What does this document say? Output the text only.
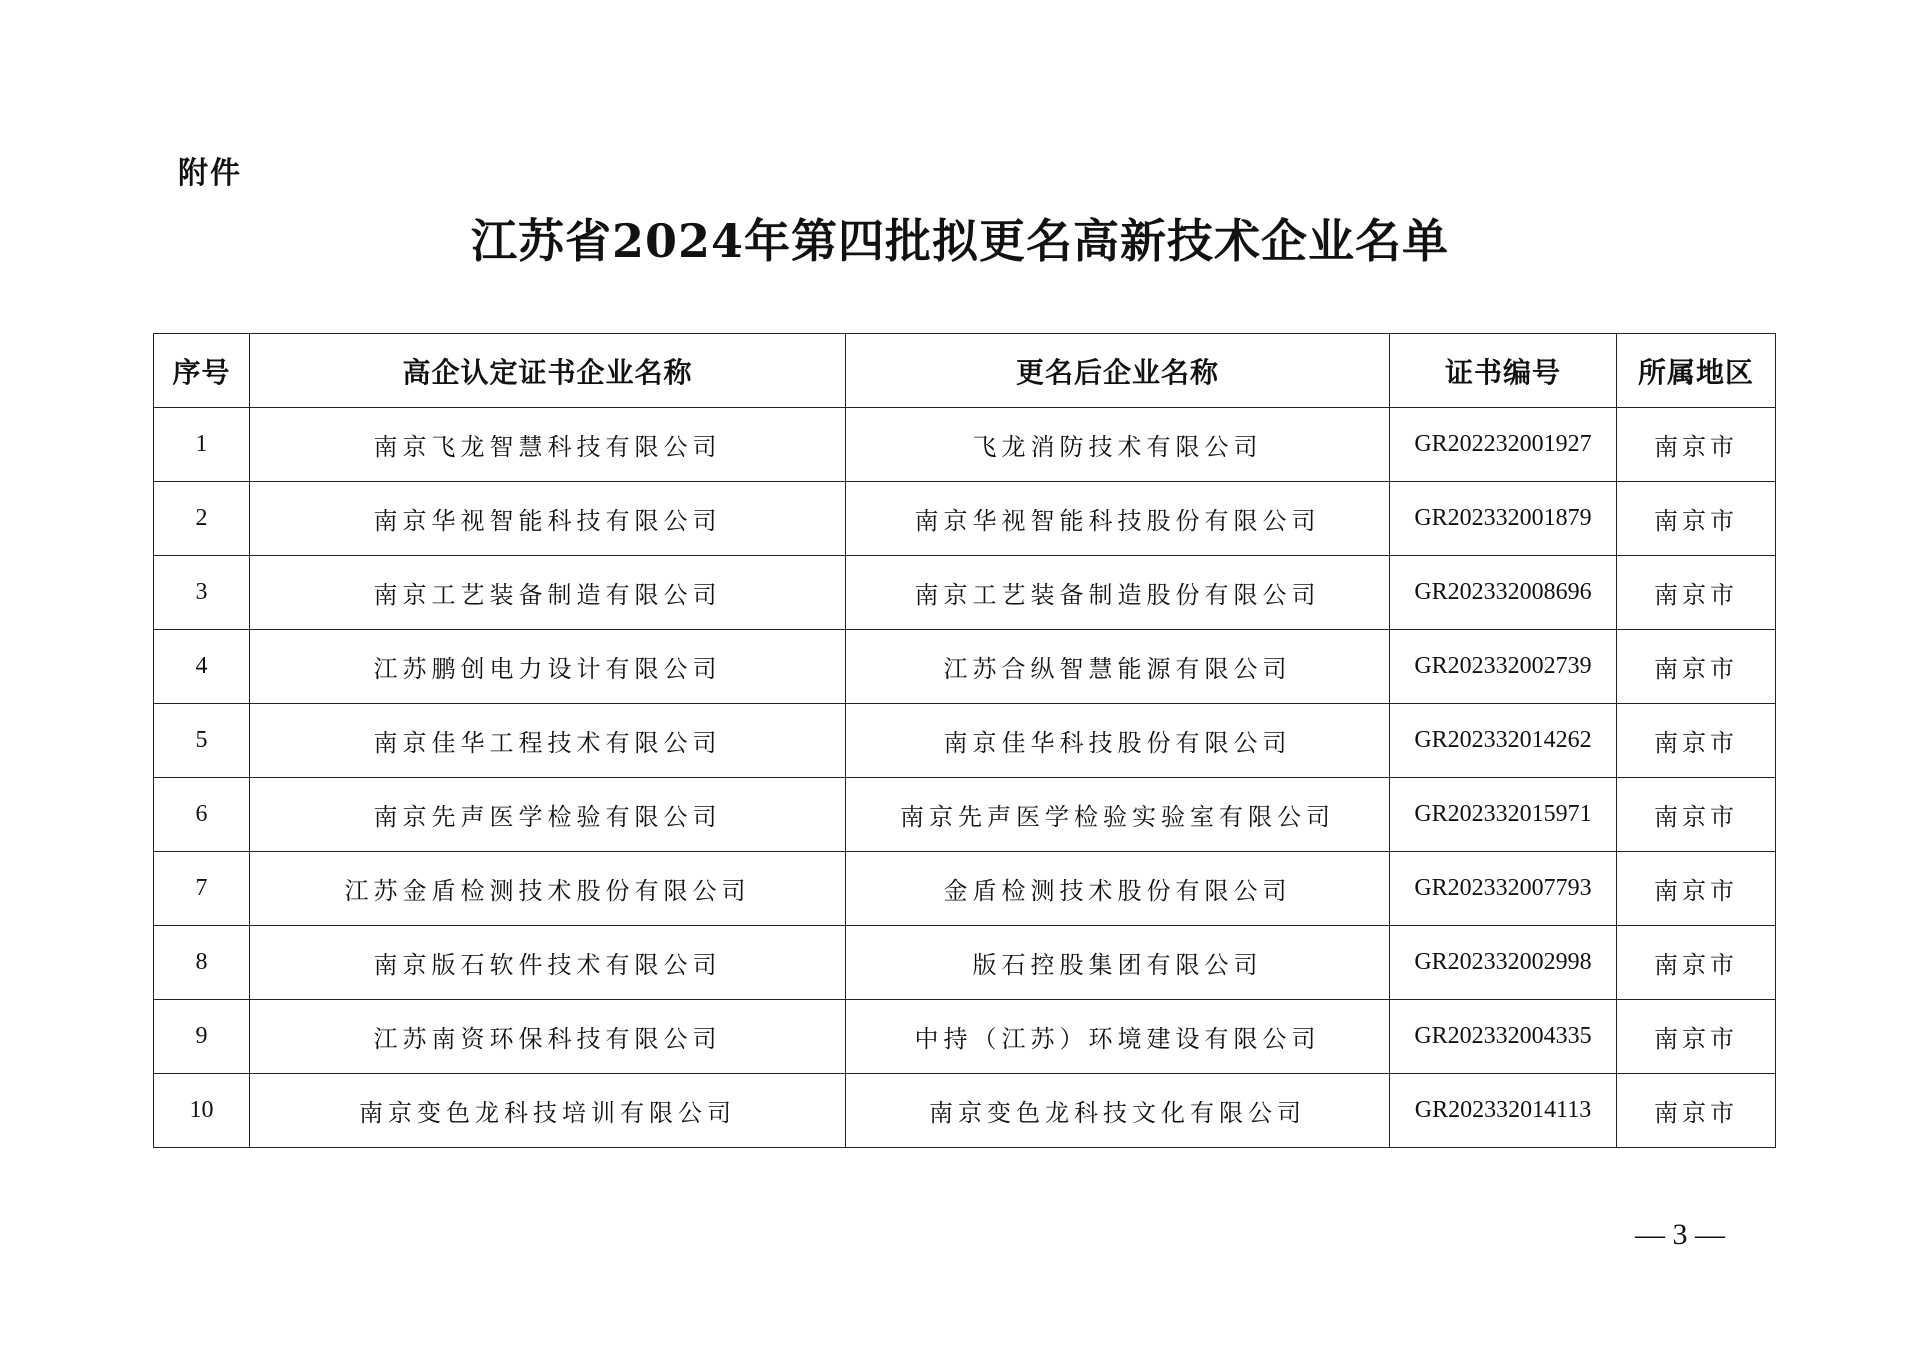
附件
江苏省2024年第四批拟更名高新技术企业名单
序号	高企认定证书企业名称	更名后企业名称	证书编号	所属地区
1	南京飞龙智慧科技有限公司	飞龙消防技术有限公司	GR202232001927	南京市
2	南京华视智能科技有限公司	南京华视智能科技股份有限公司	GR202332001879	南京市
3	南京工艺装备制造有限公司	南京工艺装备制造股份有限公司	GR202332008696	南京市
4	江苏鹏创电力设计有限公司	江苏合纵智慧能源有限公司	GR202332002739	南京市
5	南京佳华工程技术有限公司	南京佳华科技股份有限公司	GR202332014262	南京市
6	南京先声医学检验有限公司	南京先声医学检验实验室有限公司	GR202332015971	南京市
7	江苏金盾检测技术股份有限公司	金盾检测技术股份有限公司	GR202332007793	南京市
8	南京版石软件技术有限公司	版石控股集团有限公司	GR202332002998	南京市
9	江苏南资环保科技有限公司	中持（江苏）环境建设有限公司	GR202332004335	南京市
10	南京变色龙科技培训有限公司	南京变色龙科技文化有限公司	GR202332014113	南京市
— 3 —
